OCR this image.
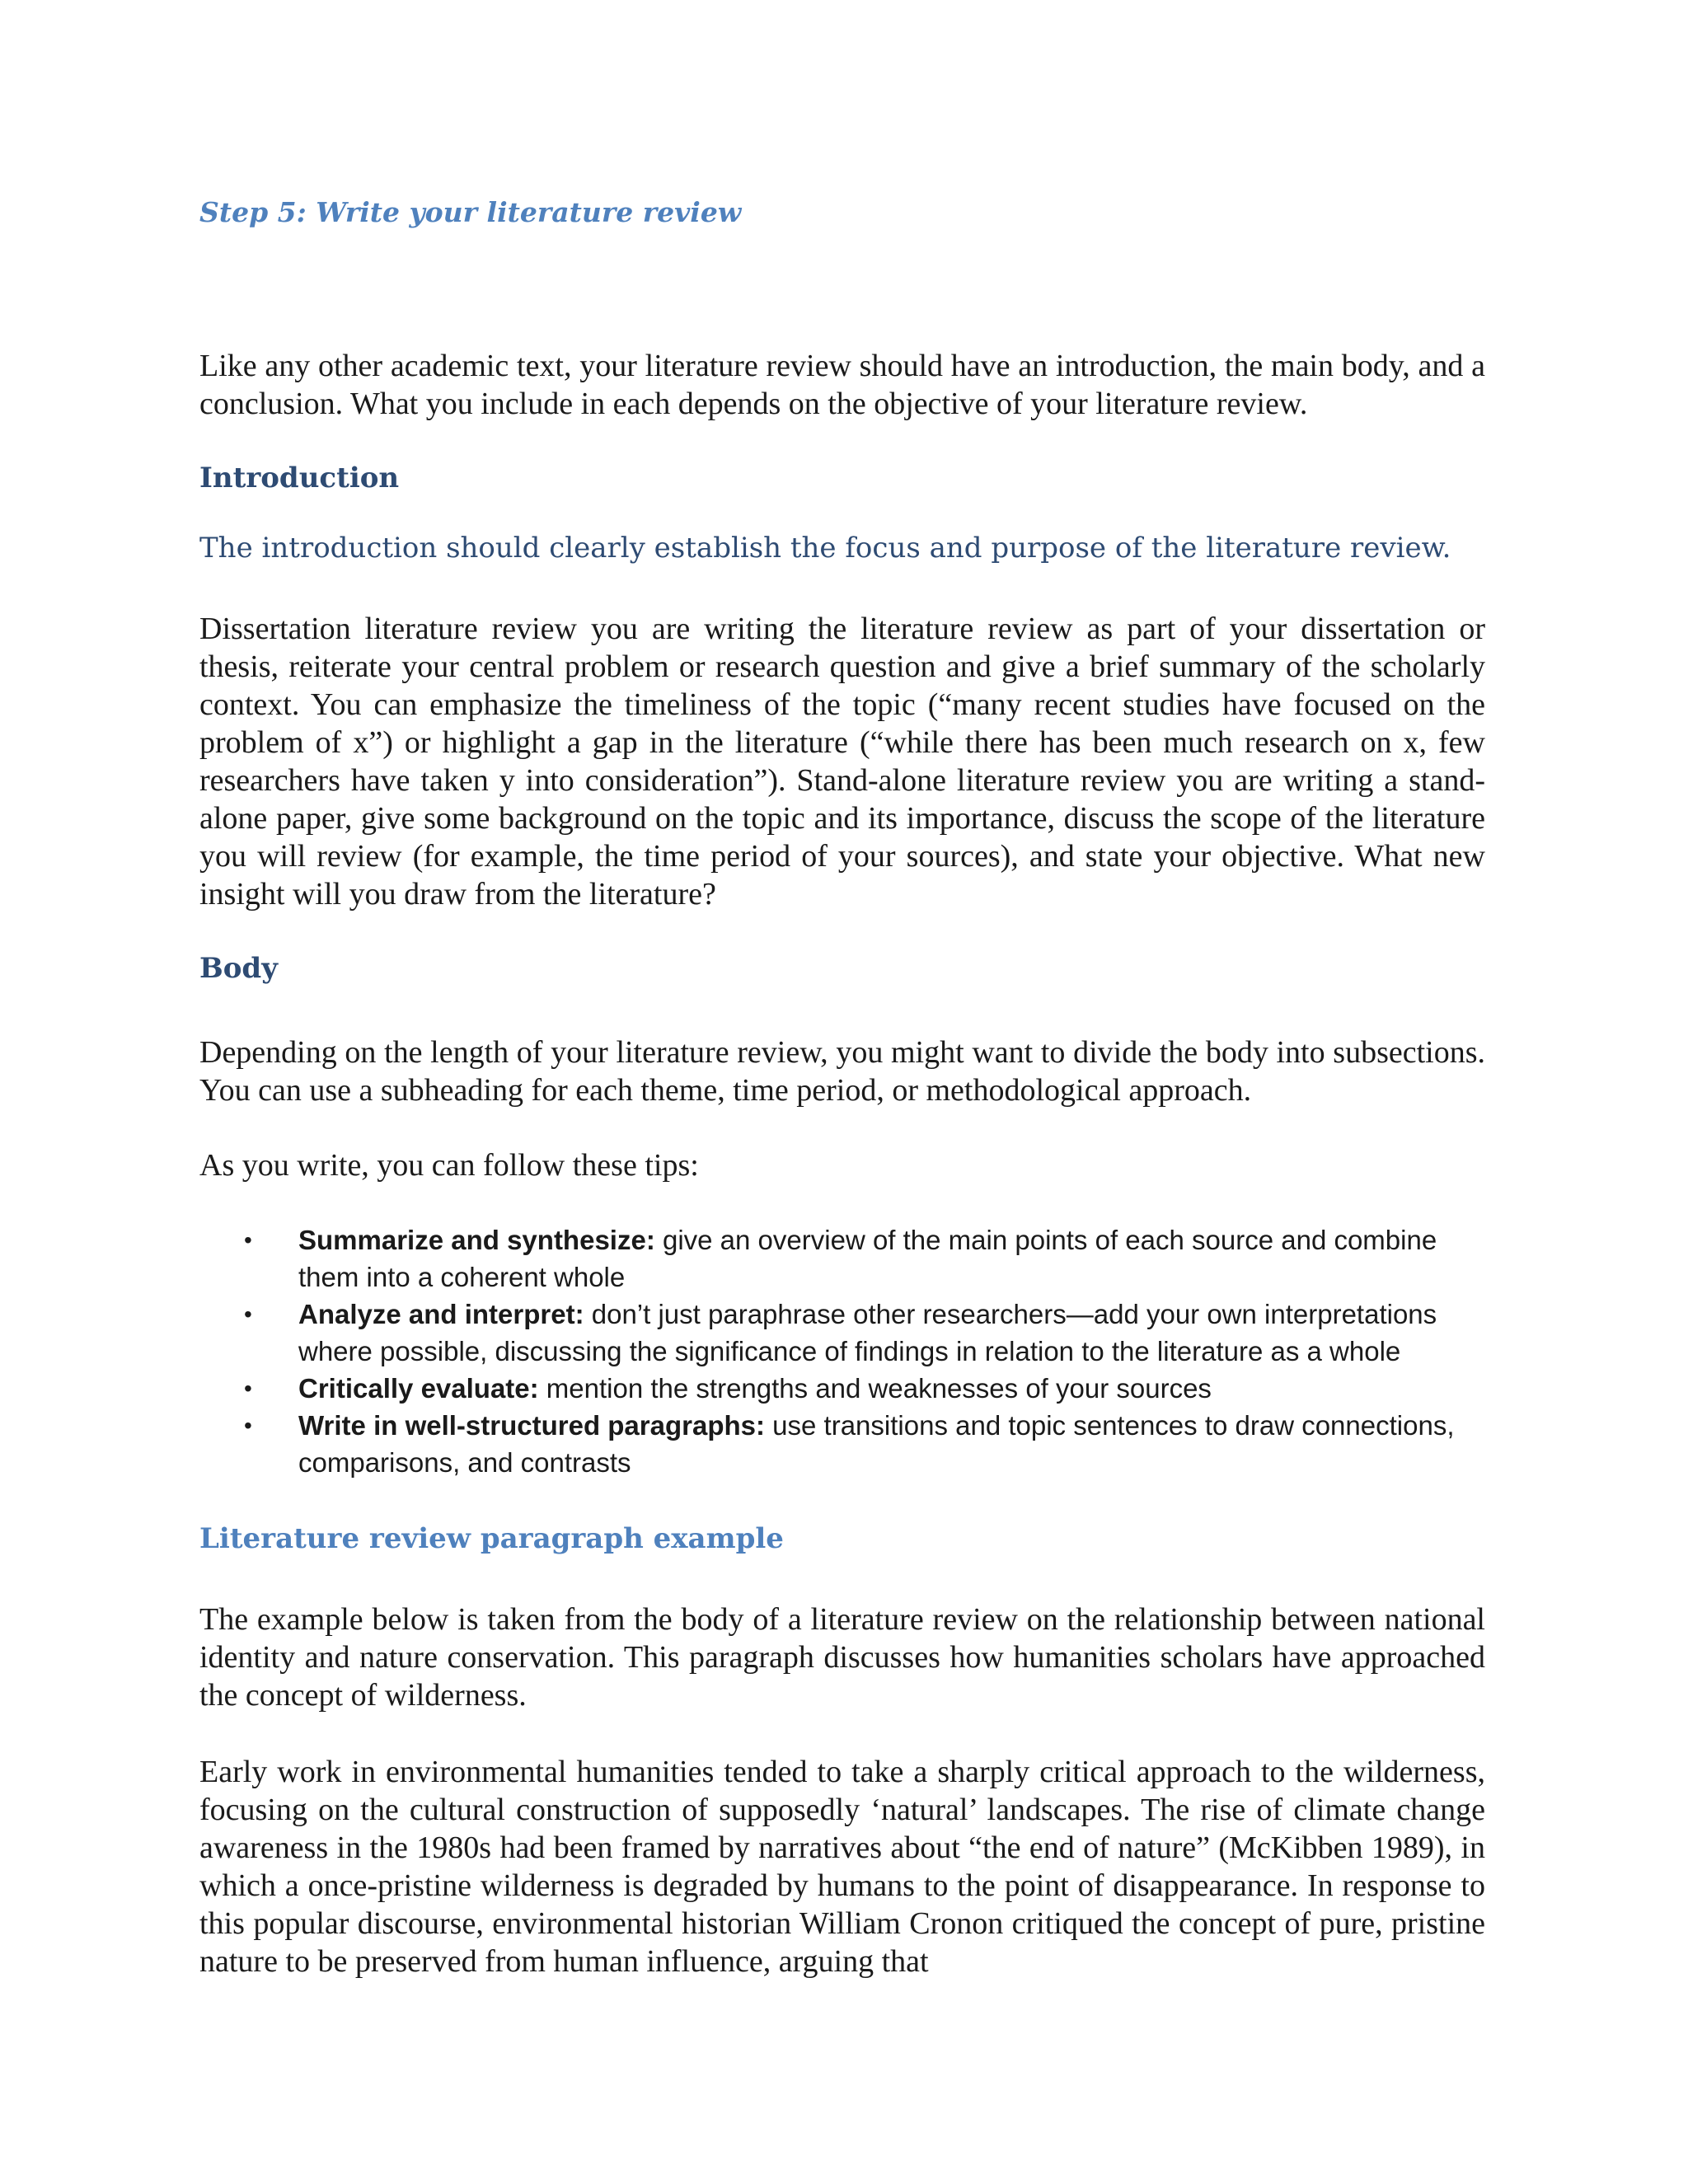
Step 5: Write your literature review

Like any other academic text, your literature review should have an introduction, the main body, and a conclusion. What you include in each depends on the objective of your literature review.

Introduction

The introduction should clearly establish the focus and purpose of the literature review.

Dissertation literature review you are writing the literature review as part of your dissertation or thesis, reiterate your central problem or research question and give a brief summary of the scholarly context. You can emphasize the timeliness of the topic (“many recent studies have focused on the problem of x”) or highlight a gap in the literature (“while there has been much research on x, few researchers have taken y into consideration”). Stand-alone literature review you are writing a stand-alone paper, give some background on the topic and its importance, discuss the scope of the literature you will review (for example, the time period of your sources), and state your objective. What new insight will you draw from the literature?

Body

Depending on the length of your literature review, you might want to divide the body into subsections. You can use a subheading for each theme, time period, or methodological approach.

As you write, you can follow these tips:

• Summarize and synthesize: give an overview of the main points of each source and combine them into a coherent whole
• Analyze and interpret: don’t just paraphrase other researchers—add your own interpretations where possible, discussing the significance of findings in relation to the literature as a whole
• Critically evaluate: mention the strengths and weaknesses of your sources
• Write in well-structured paragraphs: use transitions and topic sentences to draw connections, comparisons, and contrasts
Literature review paragraph example

The example below is taken from the body of a literature review on the relationship between national identity and nature conservation. This paragraph discusses how humanities scholars have approached the concept of wilderness.

Early work in environmental humanities tended to take a sharply critical approach to the wilderness, focusing on the cultural construction of supposedly ‘natural’ landscapes. The rise of climate change awareness in the 1980s had been framed by narratives about “the end of nature” (McKibben 1989), in which a once-pristine wilderness is degraded by humans to the point of disappearance. In response to this popular discourse, environmental historian William Cronon critiqued the concept of pure, pristine nature to be preserved from human influence, arguing that
